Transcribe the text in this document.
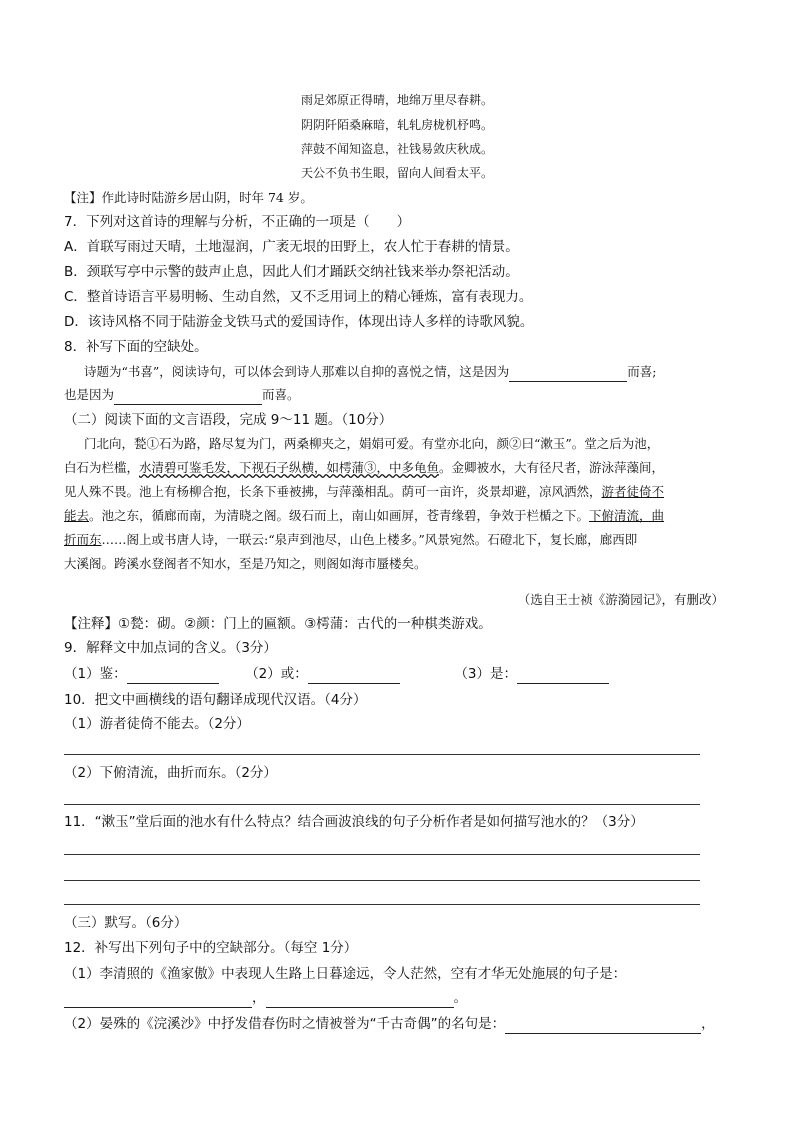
雨足郊原正得晴，地绵万里尽春耕。
阴阴阡陌桑麻暗，轧轧房栊机杼鸣。
萍鼓不闻知盗息，社钱易敛庆秋成。
天公不负书生眼，留向人间看太平。
【注】作此诗时陆游乡居山阴，时年 74 岁。
7．下列对这首诗的理解与分析，不正确的一项是（　　）
A．首联写雨过天晴，土地湿润，广袤无垠的田野上，农人忙于春耕的情景。
B．颈联写亭中示警的鼓声止息，因此人们才踊跃交纳社钱来举办祭祀活动。
C．整首诗语言平易明畅、生动自然，又不乏用词上的精心锤炼，富有表现力。
D．该诗风格不同于陆游金戈铁马式的爱国诗作，体现出诗人多样的诗歌风貌。
8．补写下面的空缺处。
诗题为“书喜”，阅读诗句，可以体会到诗人那难以自抑的喜悦之情，这是因为	而喜;
也是因为	而喜。
（二）阅读下面的文言语段，完成 9～11 题。（10分）
门北向，甃①石为路，路尽复为门，两桑柳夹之，娟娟可爱。有堂亦北向，颜②曰“漱玉”。堂之后为池，
白石为栏槛，水清碧可鉴毛发，下视石子纵横，如樗蒲③，中多龟鱼。金卿被水，大有径尺者，游泳萍藻间，
见人殊不畏。池上有杨柳合抱，长条下垂被拂，与萍藻相乱。荫可一亩许，炎景却避，凉风洒然，游者徒倚不
能去。池之东，循廊而南，为清晓之阁。级石而上，南山如画屏，苍青缘碧，争效于栏楯之下。下俯清流，曲
折而东……阁上或书唐人诗，一联云:“泉声到池尽，山色上楼多。”风景宛然。石磴北下，复长廊，廊西即
大溪阁。跨溪水登阁者不知水，至是乃知之，则阁如海市蜃楼矣。
（选自王士祯《游漪园记》，有删改）
【注释】①甃：砌。②颜：门上的匾额。③樗蒲：古代的一种棋类游戏。
9．解释文中加点词的含义。（3分）
（1）鉴：	（2）或：	（3）是：
10．把文中画横线的语句翻译成现代汉语。（4分）
（1）游者徒倚不能去。（2分）
（2）下俯清流，曲折而东。（2分）
11．“漱玉”堂后面的池水有什么特点？结合画波浪线的句子分析作者是如何描写池水的？（3分）
（三）默写。（6分）
12．补写出下列句子中的空缺部分。（每空 1分）
（1）李清照的《渔家傲》中表现人生路上日暮途远，令人茫然，空有才华无处施展的句子是：
，	。
（2）晏殊的《浣溪沙》中抒发借春伤时之情被誉为“千古奇偶”的名句是：	，
